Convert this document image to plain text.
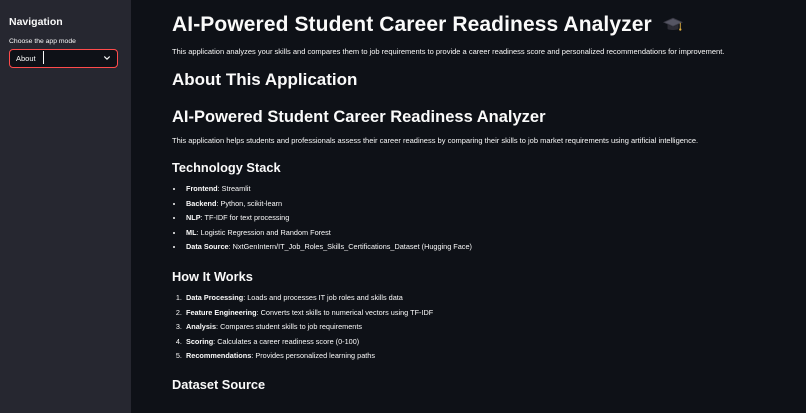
Navigation
Choose the app mode
About
AI-Powered Student Career Readiness Analyzer

This application analyzes your skills and compares them to job requirements to provide a career readiness score and personalized recommendations for improvement.

About This Application
AI-Powered Student Career Readiness Analyzer

This application helps students and professionals assess their career readiness by comparing their skills to job market requirements using artificial intelligence.

Technology Stack
• Frontend: Streamlit
• Backend: Python, scikit-learn
• NLP: TF-IDF for text processing
• ML: Logistic Regression and Random Forest
• Data Source: NxtGenIntern/IT_Job_Roles_Skills_Certifications_Dataset (Hugging Face)
How It Works
1. Data Processing: Loads and processes IT job roles and skills data
2. Feature Engineering: Converts text skills to numerical vectors using TF-IDF
3. Analysis: Compares student skills to job requirements
4. Scoring: Calculates a career readiness score (0-100)
5. Recommendations: Provides personalized learning paths
Dataset Source
